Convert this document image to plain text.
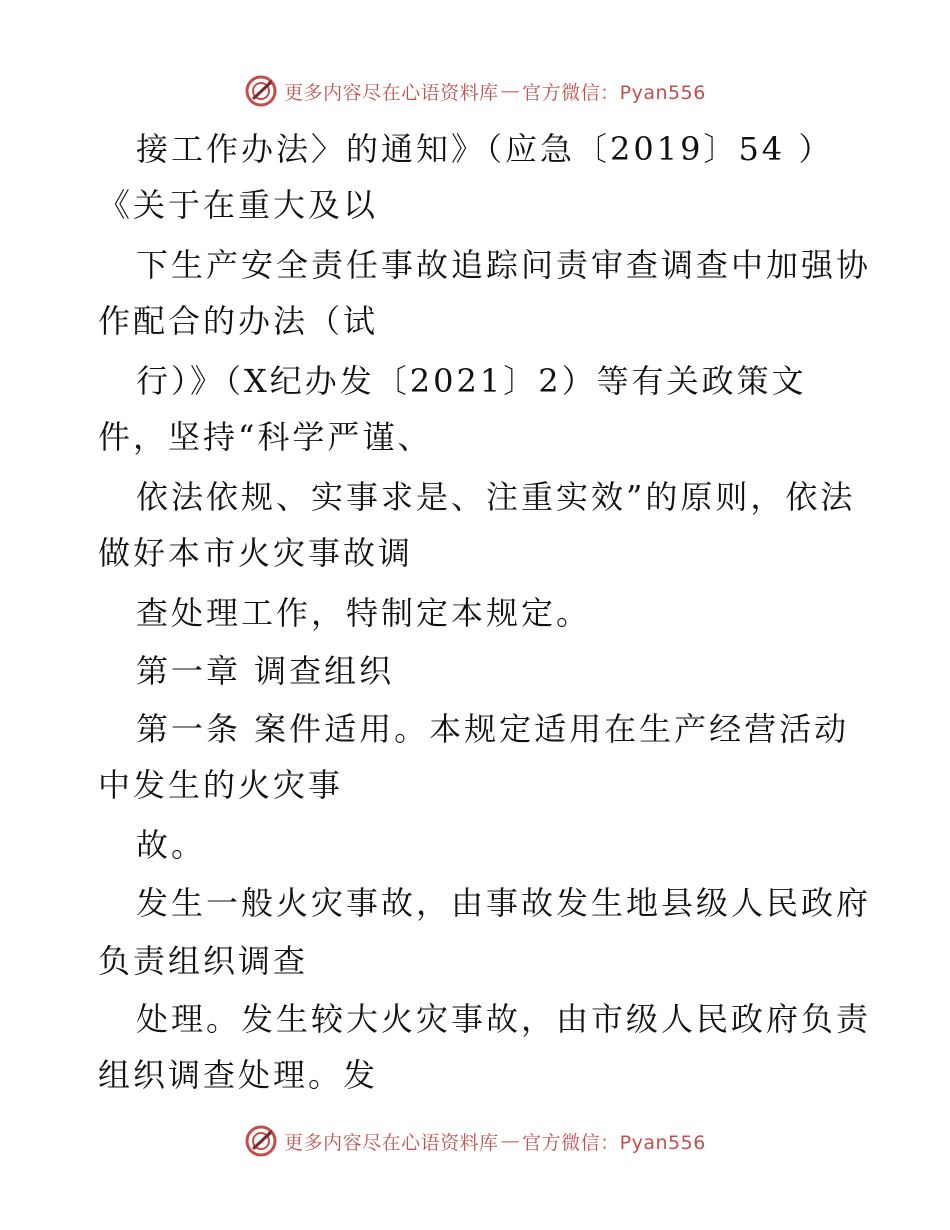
更多内容尽在心语资料库 — 官方微信：Pyan556
接工作办法〉的通知》（应急〔2019〕54 ）
《关于在重大及以
下生产安全责任事故追踪问责审查调查中加强协
作配合的办法（试
行）》（X纪办发〔2021〕2）等有关政策文
件，坚持“科学严谨、
依法依规、实事求是、注重实效”的原则，依法
做好本市火灾事故调
查处理工作，特制定本规定。
第一章 调查组织
第一条 案件适用。本规定适用在生产经营活动
中发生的火灾事
故。
发生一般火灾事故，由事故发生地县级人民政府
负责组织调查
处理。发生较大火灾事故，由市级人民政府负责
组织调查处理。发
更多内容尽在心语资料库 — 官方微信：Pyan556
